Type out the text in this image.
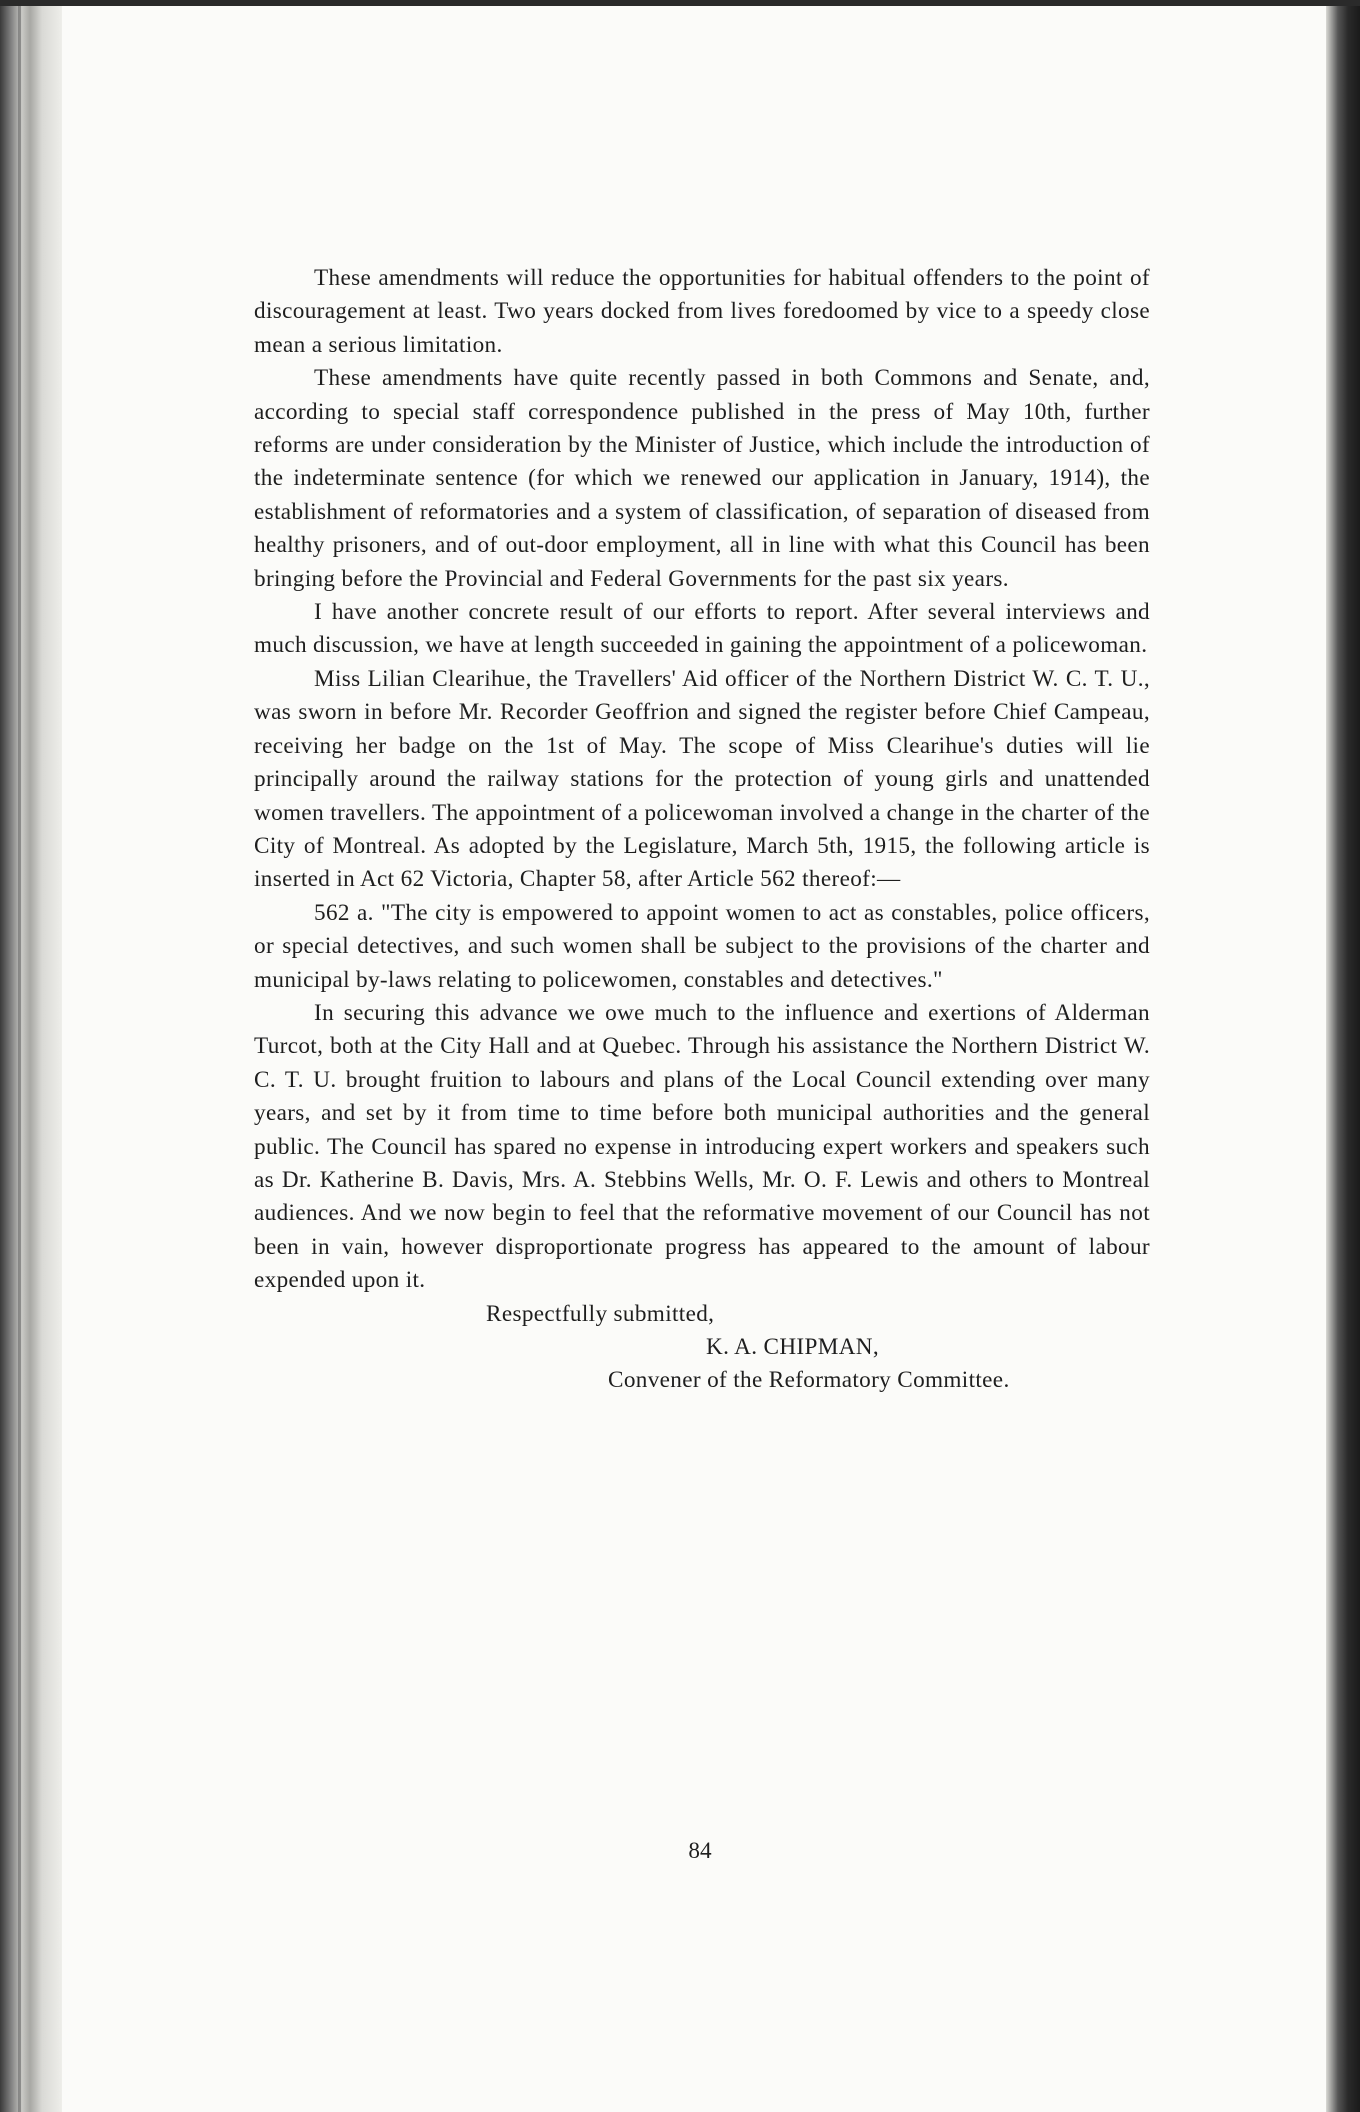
These amendments will reduce the opportunities for habitual offenders to the point of discouragement at least. Two years docked from lives foredoomed by vice to a speedy close mean a serious limitation.

These amendments have quite recently passed in both Commons and Senate, and, according to special staff correspondence published in the press of May 10th, further reforms are under consideration by the Minister of Justice, which include the introduction of the indeterminate sentence (for which we renewed our application in January, 1914), the establishment of reformatories and a system of classification, of separation of diseased from healthy prisoners, and of out-door employment, all in line with what this Council has been bringing before the Provincial and Federal Governments for the past six years.

I have another concrete result of our efforts to report. After several interviews and much discussion, we have at length succeeded in gaining the appointment of a policewoman.

Miss Lilian Clearihue, the Travellers' Aid officer of the Northern District W. C. T. U., was sworn in before Mr. Recorder Geoffrion and signed the register before Chief Campeau, receiving her badge on the 1st of May. The scope of Miss Clearihue's duties will lie principally around the railway stations for the protection of young girls and unattended women travellers. The appointment of a policewoman involved a change in the charter of the City of Montreal. As adopted by the Legislature, March 5th, 1915, the following article is inserted in Act 62 Victoria, Chapter 58, after Article 562 thereof:—

562 a. "The city is empowered to appoint women to act as constables, police officers, or special detectives, and such women shall be subject to the provisions of the charter and municipal by-laws relating to policewomen, constables and detectives."

In securing this advance we owe much to the influence and exertions of Alderman Turcot, both at the City Hall and at Quebec. Through his assistance the Northern District W. C. T. U. brought fruition to labours and plans of the Local Council extending over many years, and set by it from time to time before both municipal authorities and the general public. The Council has spared no expense in introducing expert workers and speakers such as Dr. Katherine B. Davis, Mrs. A. Stebbins Wells, Mr. O. F. Lewis and others to Montreal audiences. And we now begin to feel that the reformative movement of our Council has not been in vain, however disproportionate progress has appeared to the amount of labour expended upon it.

Respectfully submitted,

K. A. CHIPMAN,

Convener of the Reformatory Committee.

84
